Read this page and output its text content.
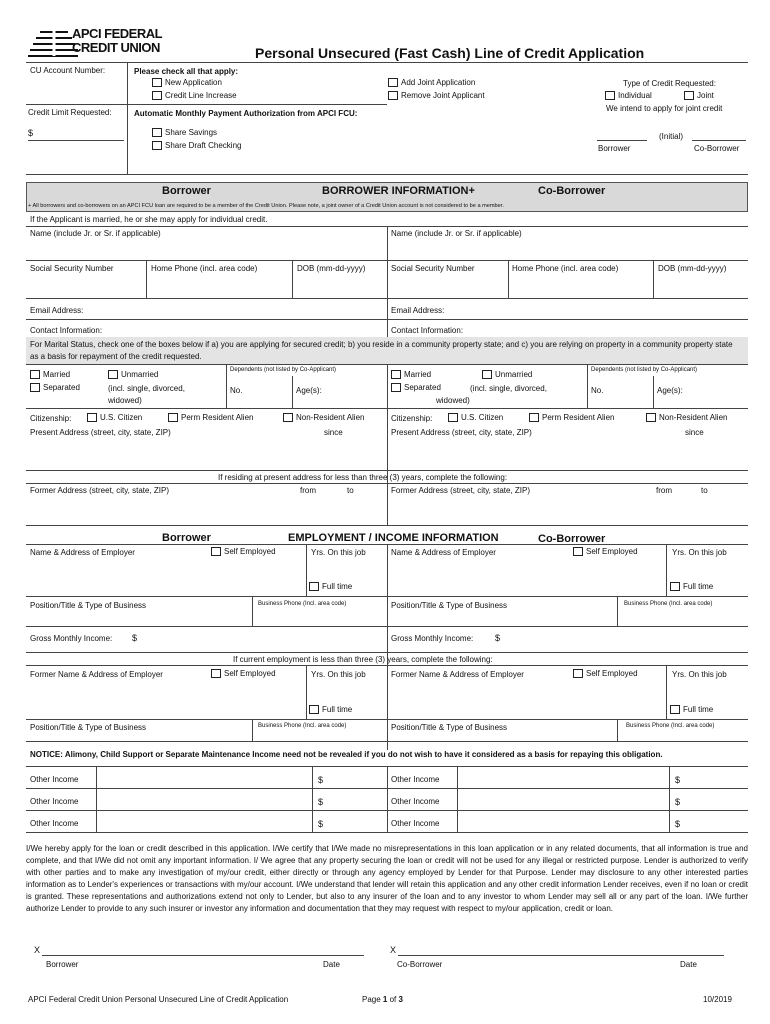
APCI FEDERAL
CREDIT UNION	Personal Unsecured (Fast Cash) Line of Credit Application
CU Account Number:
Credit Limit Requested:
$
Please check all that apply:
New Application
Credit Line Increase
Add Joint Application
Remove Joint Applicant
Type of Credit Requested:
Individual	Joint
We intend to apply for joint credit
Automatic Monthly Payment Authorization from APCI FCU:
Share Savings
Share Draft Checking
(Initial)
Borrower	Co-Borrower
Borrower	BORROWER INFORMATION+	Co-Borrower
+ All borrowers and co-borrowers on an APCI FCU loan are required to be a member of the Credit Union. Please note, a joint owner of a Credit Union account is not considered to be a member.
If the Applicant is married, he or she may apply for individual credit.
Name (include Jr. or Sr. if applicable)	Name (include Jr. or Sr. if applicable)
Social Security Number	Home Phone (incl. area code)	DOB (mm-dd-yyyy)	Social Security Number	Home Phone (incl. area code)	DOB (mm-dd-yyyy)
Email Address:	Email Address:
Contact Information:	Contact Information:
For Marital Status, check one of the boxes below if a) you are applying for secured credit; b) you reside in a community property state; and c) you are relying on property in a community property state as a basis for repayment of the credit requested.
Married	Unmarried
Separated	(incl. single, divorced,
widowed)
Dependents (not listed by Co-Applicant)
No.	Age(s):
Married	Unmarried
Separated	(incl. single, divorced,
widowed)
Dependents (not listed by Co-Applicant)
No.	Age(s):
Citizenship:	U.S. Citizen	Perm Resident Alien	Non-Resident Alien	Citizenship:	U.S. Citizen	Perm Resident Alien	Non-Resident Alien
Present Address (street, city, state, ZIP)	since	Present Address (street, city, state, ZIP)	since
If residing at present address for less than three (3) years, complete the following:
Former Address (street, city, state, ZIP)	from	to	Former Address (street, city, state, ZIP)	from	to
Borrower	EMPLOYMENT / INCOME INFORMATION	Co-Borrower
Name & Address of Employer	Self Employed	Yrs. On this job
Full time
Name & Address of Employer	Self Employed	Yrs. On this job
Full time
Position/Title & Type of Business	Business Phone (Incl. area code)	Position/Title & Type of Business	Business Phone (Incl. area code)
Gross Monthly Income: $	Gross Monthly Income: $
If current employment is less than three (3) years, complete the following:
Former Name & Address of Employer	Self Employed	Yrs. On this job
Full time
Former Name & Address of Employer	Self Employed	Yrs. On this job
Full time
Position/Title & Type of Business	Business Phone (Incl. area code)	Position/Title & Type of Business	Business Phone (Incl. area code)
NOTICE: Alimony, Child Support or Separate Maintenance Income need not be revealed if you do not wish to have it considered as a basis for repaying this obligation.
Other Income	$	Other Income	$
Other Income	$	Other Income	$
Other Income	$	Other Income	$
I/We hereby apply for the loan or credit described in this application. I/We certify that I/We made no misrepresentations in this loan application or in any related documents, that all information is true and complete, and that I/We did not omit any important information. I/ We agree that any property securing the loan or credit will not be used for any illegal or restricted purpose. Lender is authorized to verify with other parties and to make any investigation of my/our credit, either directly or through any agency employed by Lender for that Purpose. Lender may disclosure to any other interested parties information as to Lender's experiences or transactions with my/our account. I/We understand that lender will retain this application and any other credit information Lender receives, even if no loan or credit is granted. These representations and authorizations extend not only to Lender, but also to any insurer of the loan and to any investor to whom Lender may sell all or any part of the loan. I/We further authorize Lender to provide to any such insurer or investor any information and documentation that they may request with respect to my/our application, credit or loan.
X
Borrower	Date
X
Co-Borrower	Date
APCI Federal Credit Union Personal Unsecured Line of Credit Application	Page 1 of 3	10/2019
